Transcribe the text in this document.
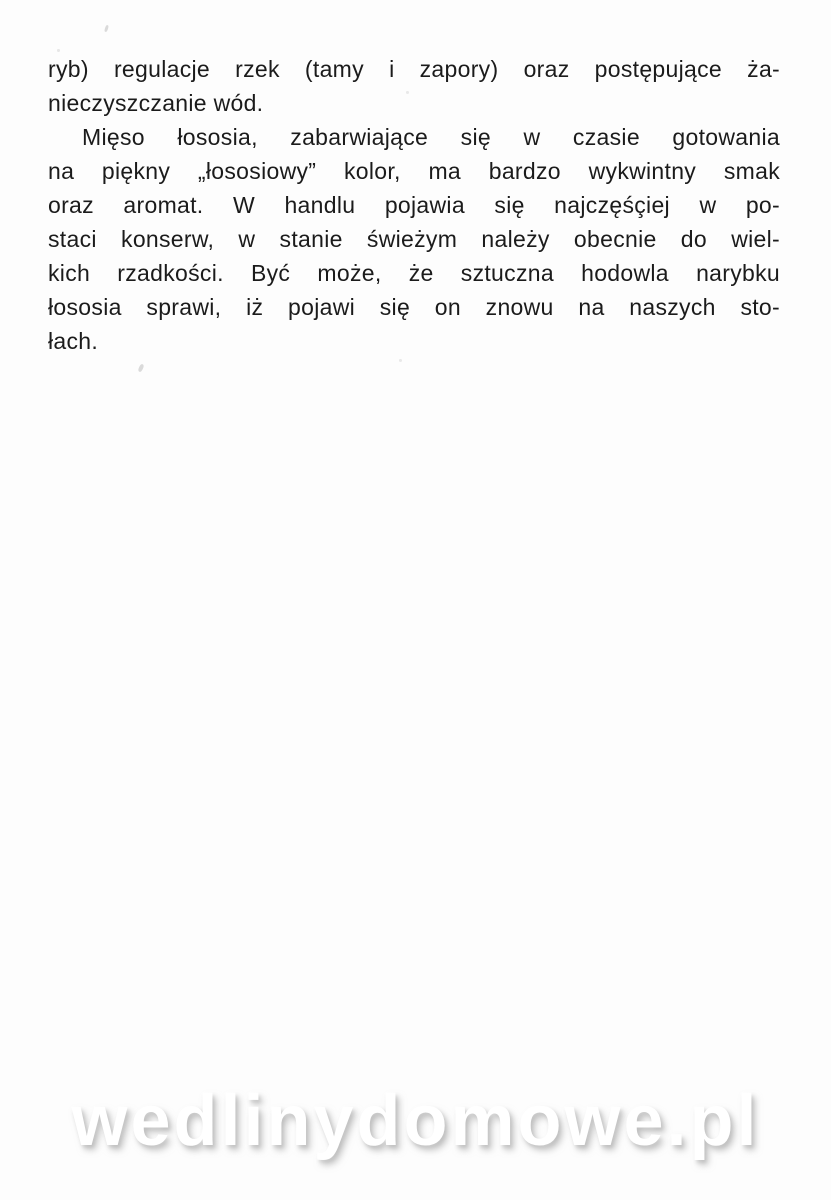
ryb) regulacje rzek (tamy i zapory) oraz postępujące ża-
nieczyszczanie wód.
Mięso łososia, zabarwiające się w czasie gotowania
na piękny „łososiowy” kolor, ma bardzo wykwintny smak
oraz aromat. W handlu pojawia się najczęśçiej w po-
staci konserw, w stanie świeżym należy obecnie do wiel-
kich rzadkości. Być może, że sztuczna hodowla narybku
łososia sprawi, iż pojawi się on znowu na naszych sto-
łach.
wedlinydomowe.pl
